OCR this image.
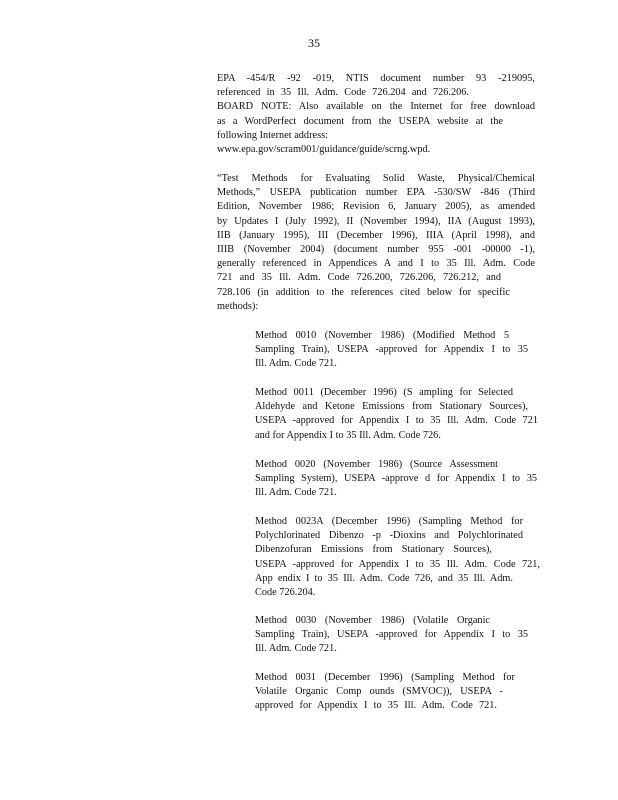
35
EPA -454/R -92 -019, NTIS document number 93 -219095,
referenced in 35 Ill. Adm. Code 726.204 and 726.206.
BOARD NOTE: Also available on the Internet for free download
as a WordPerfect document from the USEPA website at the
following Internet address:
www.epa.gov/scram001/guidance/guide/scrng.wpd.
“Test Methods for Evaluating Solid Waste, Physical/Chemical
Methods,” USEPA publication number EPA -530/SW -846 (Third
Edition, November 1986; Revision 6, January 2005), as amended
by Updates I (July 1992), II (November 1994), IIA (August 1993),
IIB (January 1995), III (December 1996), IIIA (April 1998), and
IIIB (November 2004) (document number 955 -001 -00000 -1),
generally referenced in Appendices A and I to 35 Ill. Adm. Code
721 and 35 Ill. Adm. Code 726.200, 726.206, 726.212, and
728.106 (in addition to the references cited below for specific
methods):
Method 0010 (November 1986) (Modified Method 5
Sampling Train), USEPA -approved for Appendix I to 35
Ill. Adm. Code 721.
Method 0011 (December 1996) (S ampling for Selected
Aldehyde and Ketone Emissions from Stationary Sources),
USEPA -approved for Appendix I to 35 Ill. Adm. Code 721
and for Appendix I to 35 Ill. Adm. Code 726.
Method 0020 (November 1986) (Source Assessment
Sampling System), USEPA -approve d for Appendix I to 35
Ill. Adm. Code 721.
Method 0023A (December 1996) (Sampling Method for
Polychlorinated Dibenzo -p -Dioxins and Polychlorinated
Dibenzofuran Emissions from Stationary Sources),
USEPA -approved for Appendix I to 35 Ill. Adm. Code 721,
App endix I to 35 Ill. Adm. Code 726, and 35 Ill. Adm.
Code 726.204.
Method 0030 (November 1986) (Volatile Organic
Sampling Train), USEPA -approved for Appendix I to 35
Ill. Adm. Code 721.
Method 0031 (December 1996) (Sampling Method for
Volatile Organic Comp ounds (SMVOC)), USEPA -
approved for Appendix I to 35 Ill. Adm. Code 721.
